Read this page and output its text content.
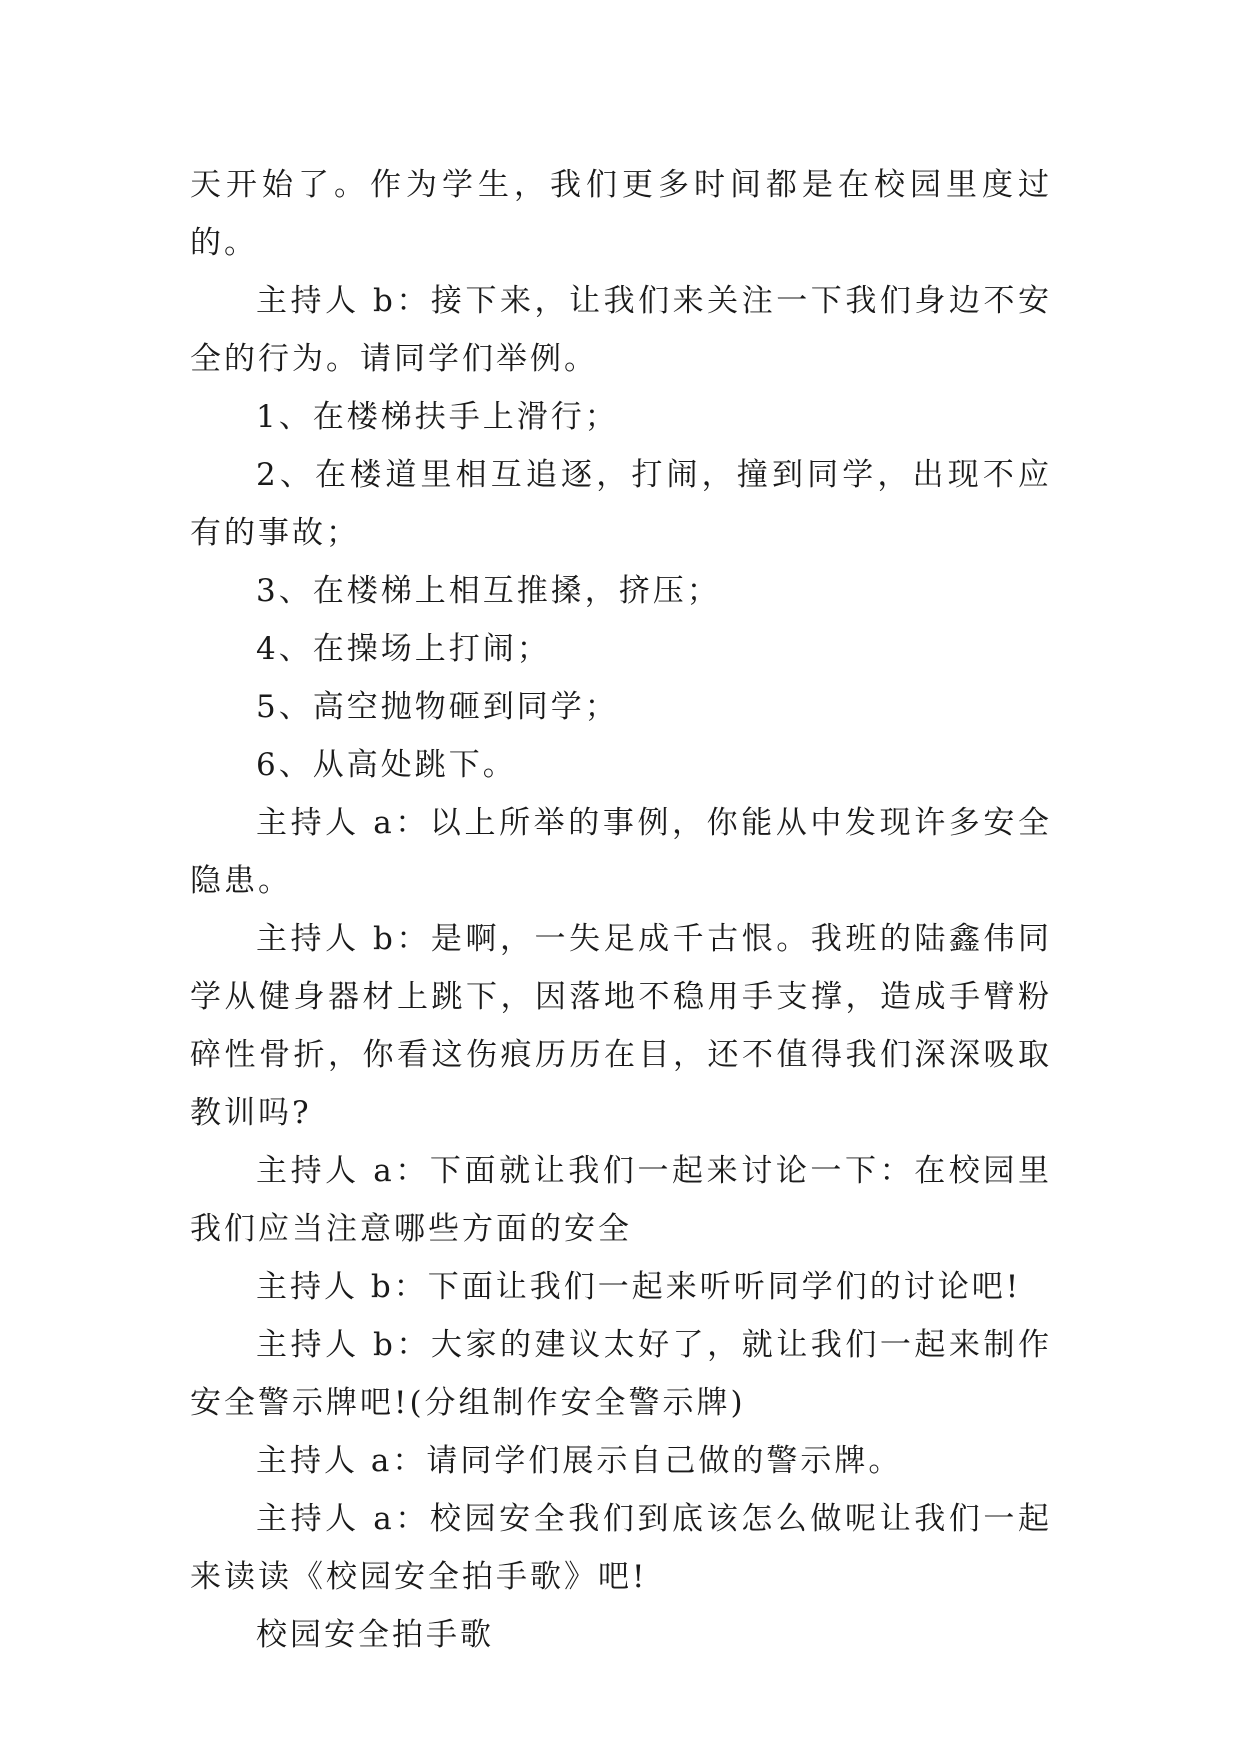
天开始了。作为学生，我们更多时间都是在校园里度过的。

主持人 b：接下来，让我们来关注一下我们身边不安全的行为。请同学们举例。

1、在楼梯扶手上滑行；

2、在楼道里相互追逐，打闹，撞到同学，出现不应有的事故；

3、在楼梯上相互推搡，挤压；

4、在操场上打闹；

5、高空抛物砸到同学；

6、从高处跳下。

主持人 a：以上所举的事例，你能从中发现许多安全隐患。

主持人 b：是啊，一失足成千古恨。我班的陆鑫伟同学从健身器材上跳下，因落地不稳用手支撑，造成手臂粉碎性骨折，你看这伤痕历历在目，还不值得我们深深吸取教训吗?

主持人 a：下面就让我们一起来讨论一下：在校园里我们应当注意哪些方面的安全

主持人 b：下面让我们一起来听听同学们的讨论吧!

主持人 b：大家的建议太好了，就让我们一起来制作安全警示牌吧!(分组制作安全警示牌)

主持人 a：请同学们展示自己做的警示牌。

主持人 a：校园安全我们到底该怎么做呢让我们一起来读读《校园安全拍手歌》吧!

校园安全拍手歌
